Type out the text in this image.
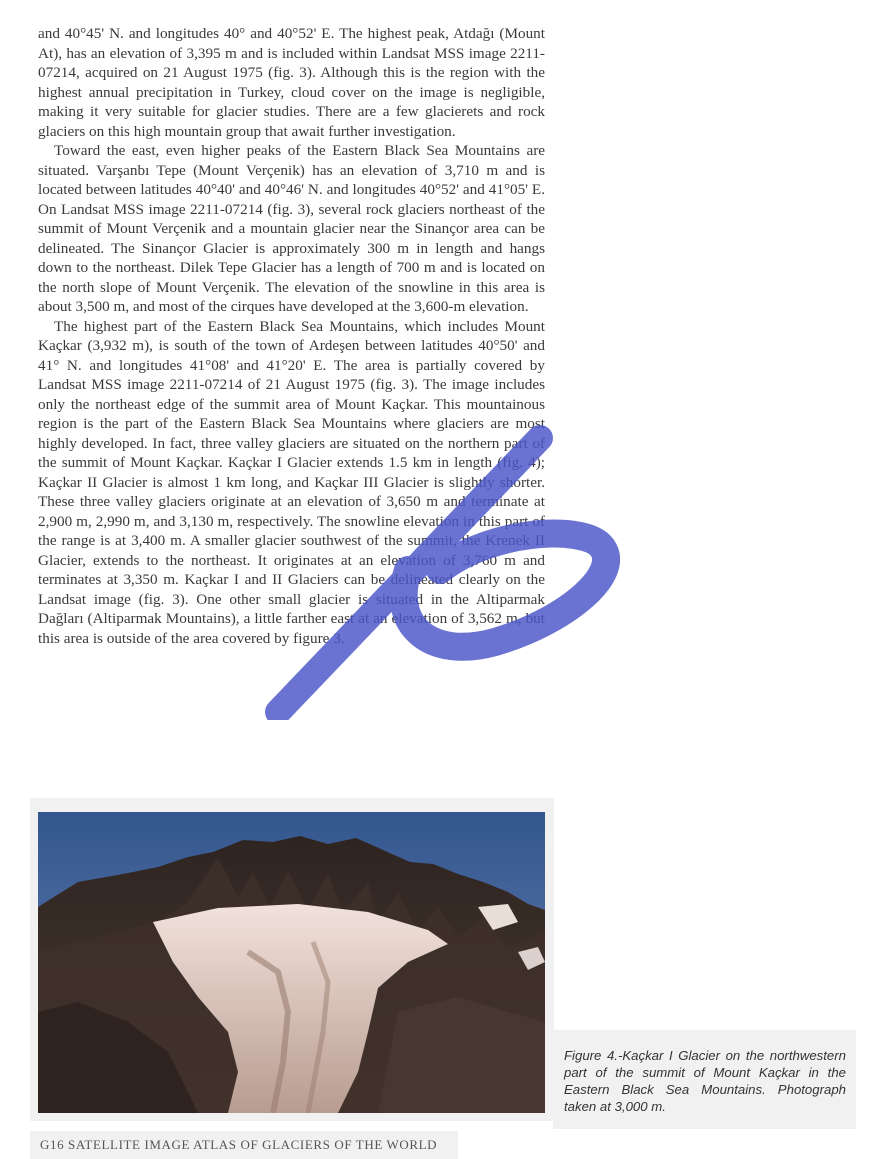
and 40°45' N. and longitudes 40° and 40°52' E. The highest peak, Atdağı (Mount At), has an elevation of 3,395 m and is included within Landsat MSS image 2211-07214, acquired on 21 August 1975 (fig. 3). Although this is the region with the highest annual precipitation in Turkey, cloud cover on the image is negligible, making it very suitable for glacier studies. There are a few glacierets and rock glaciers on this high mountain group that await further investigation.

Toward the east, even higher peaks of the Eastern Black Sea Mountains are situated. Varşanbı Tepe (Mount Verçenik) has an elevation of 3,710 m and is located between latitudes 40°40' and 40°46' N. and longitudes 40°52' and 41°05' E. On Landsat MSS image 2211-07214 (fig. 3), several rock glaciers northeast of the summit of Mount Verçenik and a mountain glacier near the Sinançor area can be delineated. The Sinançor Glacier is approximately 300 m in length and hangs down to the northeast. Dilek Tepe Glacier has a length of 700 m and is located on the north slope of Mount Verçenik. The elevation of the snowline in this area is about 3,500 m, and most of the cirques have developed at the 3,600-m elevation.

The highest part of the Eastern Black Sea Mountains, which includes Mount Kaçkar (3,932 m), is south of the town of Ardeşen between latitudes 40°50' and 41° N. and longitudes 41°08' and 41°20' E. The area is partially covered by Landsat MSS image 2211-07214 of 21 August 1975 (fig. 3). The image includes only the northeast edge of the summit area of Mount Kaçkar. This mountainous region is the part of the Eastern Black Sea Mountains where glaciers are most highly developed. In fact, three valley glaciers are situated on the northern part of the summit of Mount Kaçkar. Kaçkar I Glacier extends 1.5 km in length (fig. 4); Kaçkar II Glacier is almost 1 km long, and Kaçkar III Glacier is slightly shorter. These three valley glaciers originate at an elevation of 3,650 m and terminate at 2,900 m, 2,990 m, and 3,130 m, respectively. The snowline elevation in this part of the range is at 3,400 m. A smaller glacier southwest of the summit, the Krenek II Glacier, extends to the northeast. It originates at an elevation of 3,760 m and terminates at 3,350 m. Kaçkar I and II Glaciers can be delineated clearly on the Landsat image (fig. 3). One other small glacier is situated in the Altiparmak Dağları (Altiparmak Mountains), a little farther east at an elevation of 3,562 m, but this area is outside of the area covered by figure 3.

Figure 4.-Kaçkar I Glacier on the northwestern part of the summit of Mount Kaçkar in the Eastern Black Sea Mountains. Photograph taken at 3,000 m.
G16 SATELLITE IMAGE ATLAS OF GLACIERS OF THE WORLD
